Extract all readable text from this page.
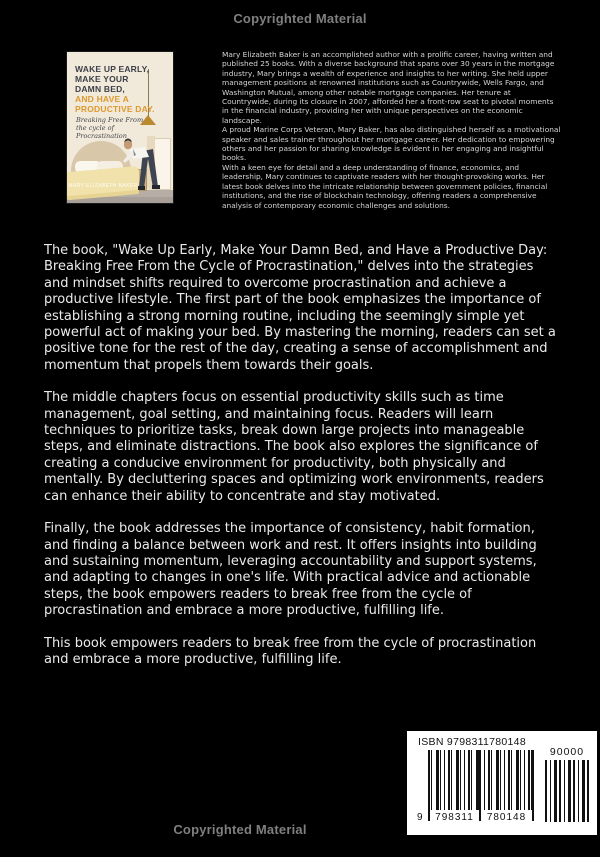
Copyrighted Material
WAKE UP EARLY,
MAKE YOUR
DAMN BED,
AND HAVE A
PRODUCTIVE DAY.
Breaking Free From the cycle of Procrastination
MARY ELIZABETH BAKER

Mary Elizabeth Baker is an accomplished author with a prolific career, having written and published 25 books. With a diverse background that spans over 30 years in the mortgage industry, Mary brings a wealth of experience and insights to her writing. She held upper management positions at renowned institutions such as Countrywide, Wells Fargo, and Washington Mutual, among other notable mortgage companies. Her tenure at Countrywide, during its closure in 2007, afforded her a front-row seat to pivotal moments in the financial industry, providing her with unique perspectives on the economic landscape.

A proud Marine Corps Veteran, Mary Baker, has also distinguished herself as a motivational speaker and sales trainer throughout her mortgage career. Her dedication to empowering others and her passion for sharing knowledge is evident in her engaging and insightful books.

With a keen eye for detail and a deep understanding of finance, economics, and leadership, Mary continues to captivate readers with her thought-provoking works. Her latest book delves into the intricate relationship between government policies, financial institutions, and the rise of blockchain technology, offering readers a comprehensive analysis of contemporary economic challenges and solutions.

The book, "Wake Up Early, Make Your Damn Bed, and Have a Productive Day: Breaking Free From the Cycle of Procrastination," delves into the strategies and mindset shifts required to overcome procrastination and achieve a productive lifestyle. The first part of the book emphasizes the importance of establishing a strong morning routine, including the seemingly simple yet powerful act of making your bed. By mastering the morning, readers can set a positive tone for the rest of the day, creating a sense of accomplishment and momentum that propels them towards their goals.

The middle chapters focus on essential productivity skills such as time management, goal setting, and maintaining focus. Readers will learn techniques to prioritize tasks, break down large projects into manageable steps, and eliminate distractions. The book also explores the significance of creating a conducive environment for productivity, both physically and mentally. By decluttering spaces and optimizing work environments, readers can enhance their ability to concentrate and stay motivated.

Finally, the book addresses the importance of consistency, habit formation, and finding a balance between work and rest. It offers insights into building and sustaining momentum, leveraging accountability and support systems, and adapting to changes in one's life. With practical advice and actionable steps, the book empowers readers to break free from the cycle of procrastination and embrace a more productive, fulfilling life.

This book empowers readers to break free from the cycle of procrastination and embrace a more productive, fulfilling life.

ISBN 9798311780148
9	798311	780148
90000
Copyrighted Material
